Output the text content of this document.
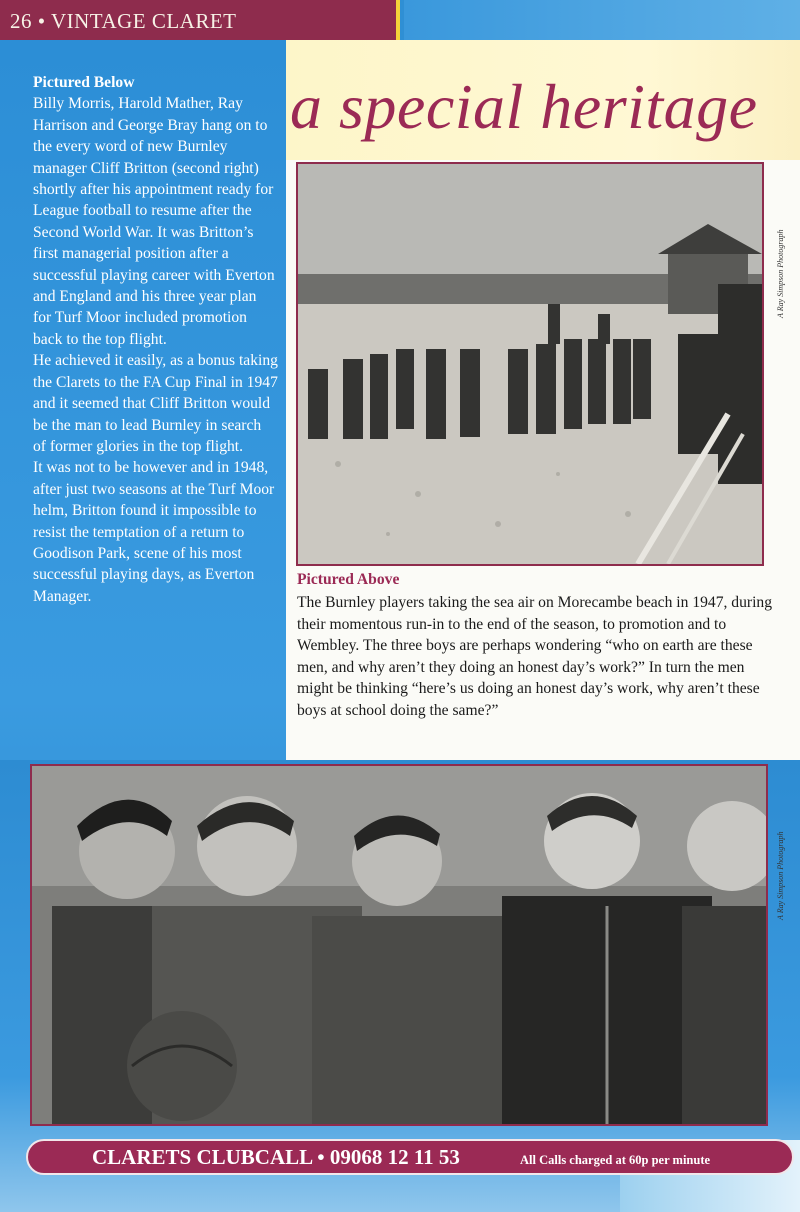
26 • VINTAGE CLARET

Pictured Below

Billy Morris, Harold Mather, Ray Harrison and George Bray hang on to the every word of new Burnley manager Cliff Britton (second right) shortly after his appointment ready for League football to resume after the Second World War. It was Britton’s first managerial position after a successful playing career with Everton and England and his three year plan for Turf Moor included promotion back to the top flight.

He achieved it easily, as a bonus taking the Clarets to the FA Cup Final in 1947 and it seemed that Cliff Britton would be the man to lead Burnley in search of former glories in the top flight.

It was not to be however and in 1948, after just two seasons at the Turf Moor helm, Britton found it impossible to resist the temptation of a return to Goodison Park, scene of his most successful playing days, as Everton Manager.

a special heritage
A Ray Simpson Photograph
Pictured Above
The Burnley players taking the sea air on Morecambe beach in 1947, during their momentous run-in to the end of the season, to promotion and to Wembley. The three boys are perhaps wondering “who on earth are these men, and why aren’t they doing an honest day’s work?” In turn the men might be thinking “here’s us doing an honest day’s work, why aren’t these boys at school doing the same?”
A Ray Simpson Photograph
CLARETS CLUBCALL • 09068 12 11 53	All Calls charged at 60p per minute
